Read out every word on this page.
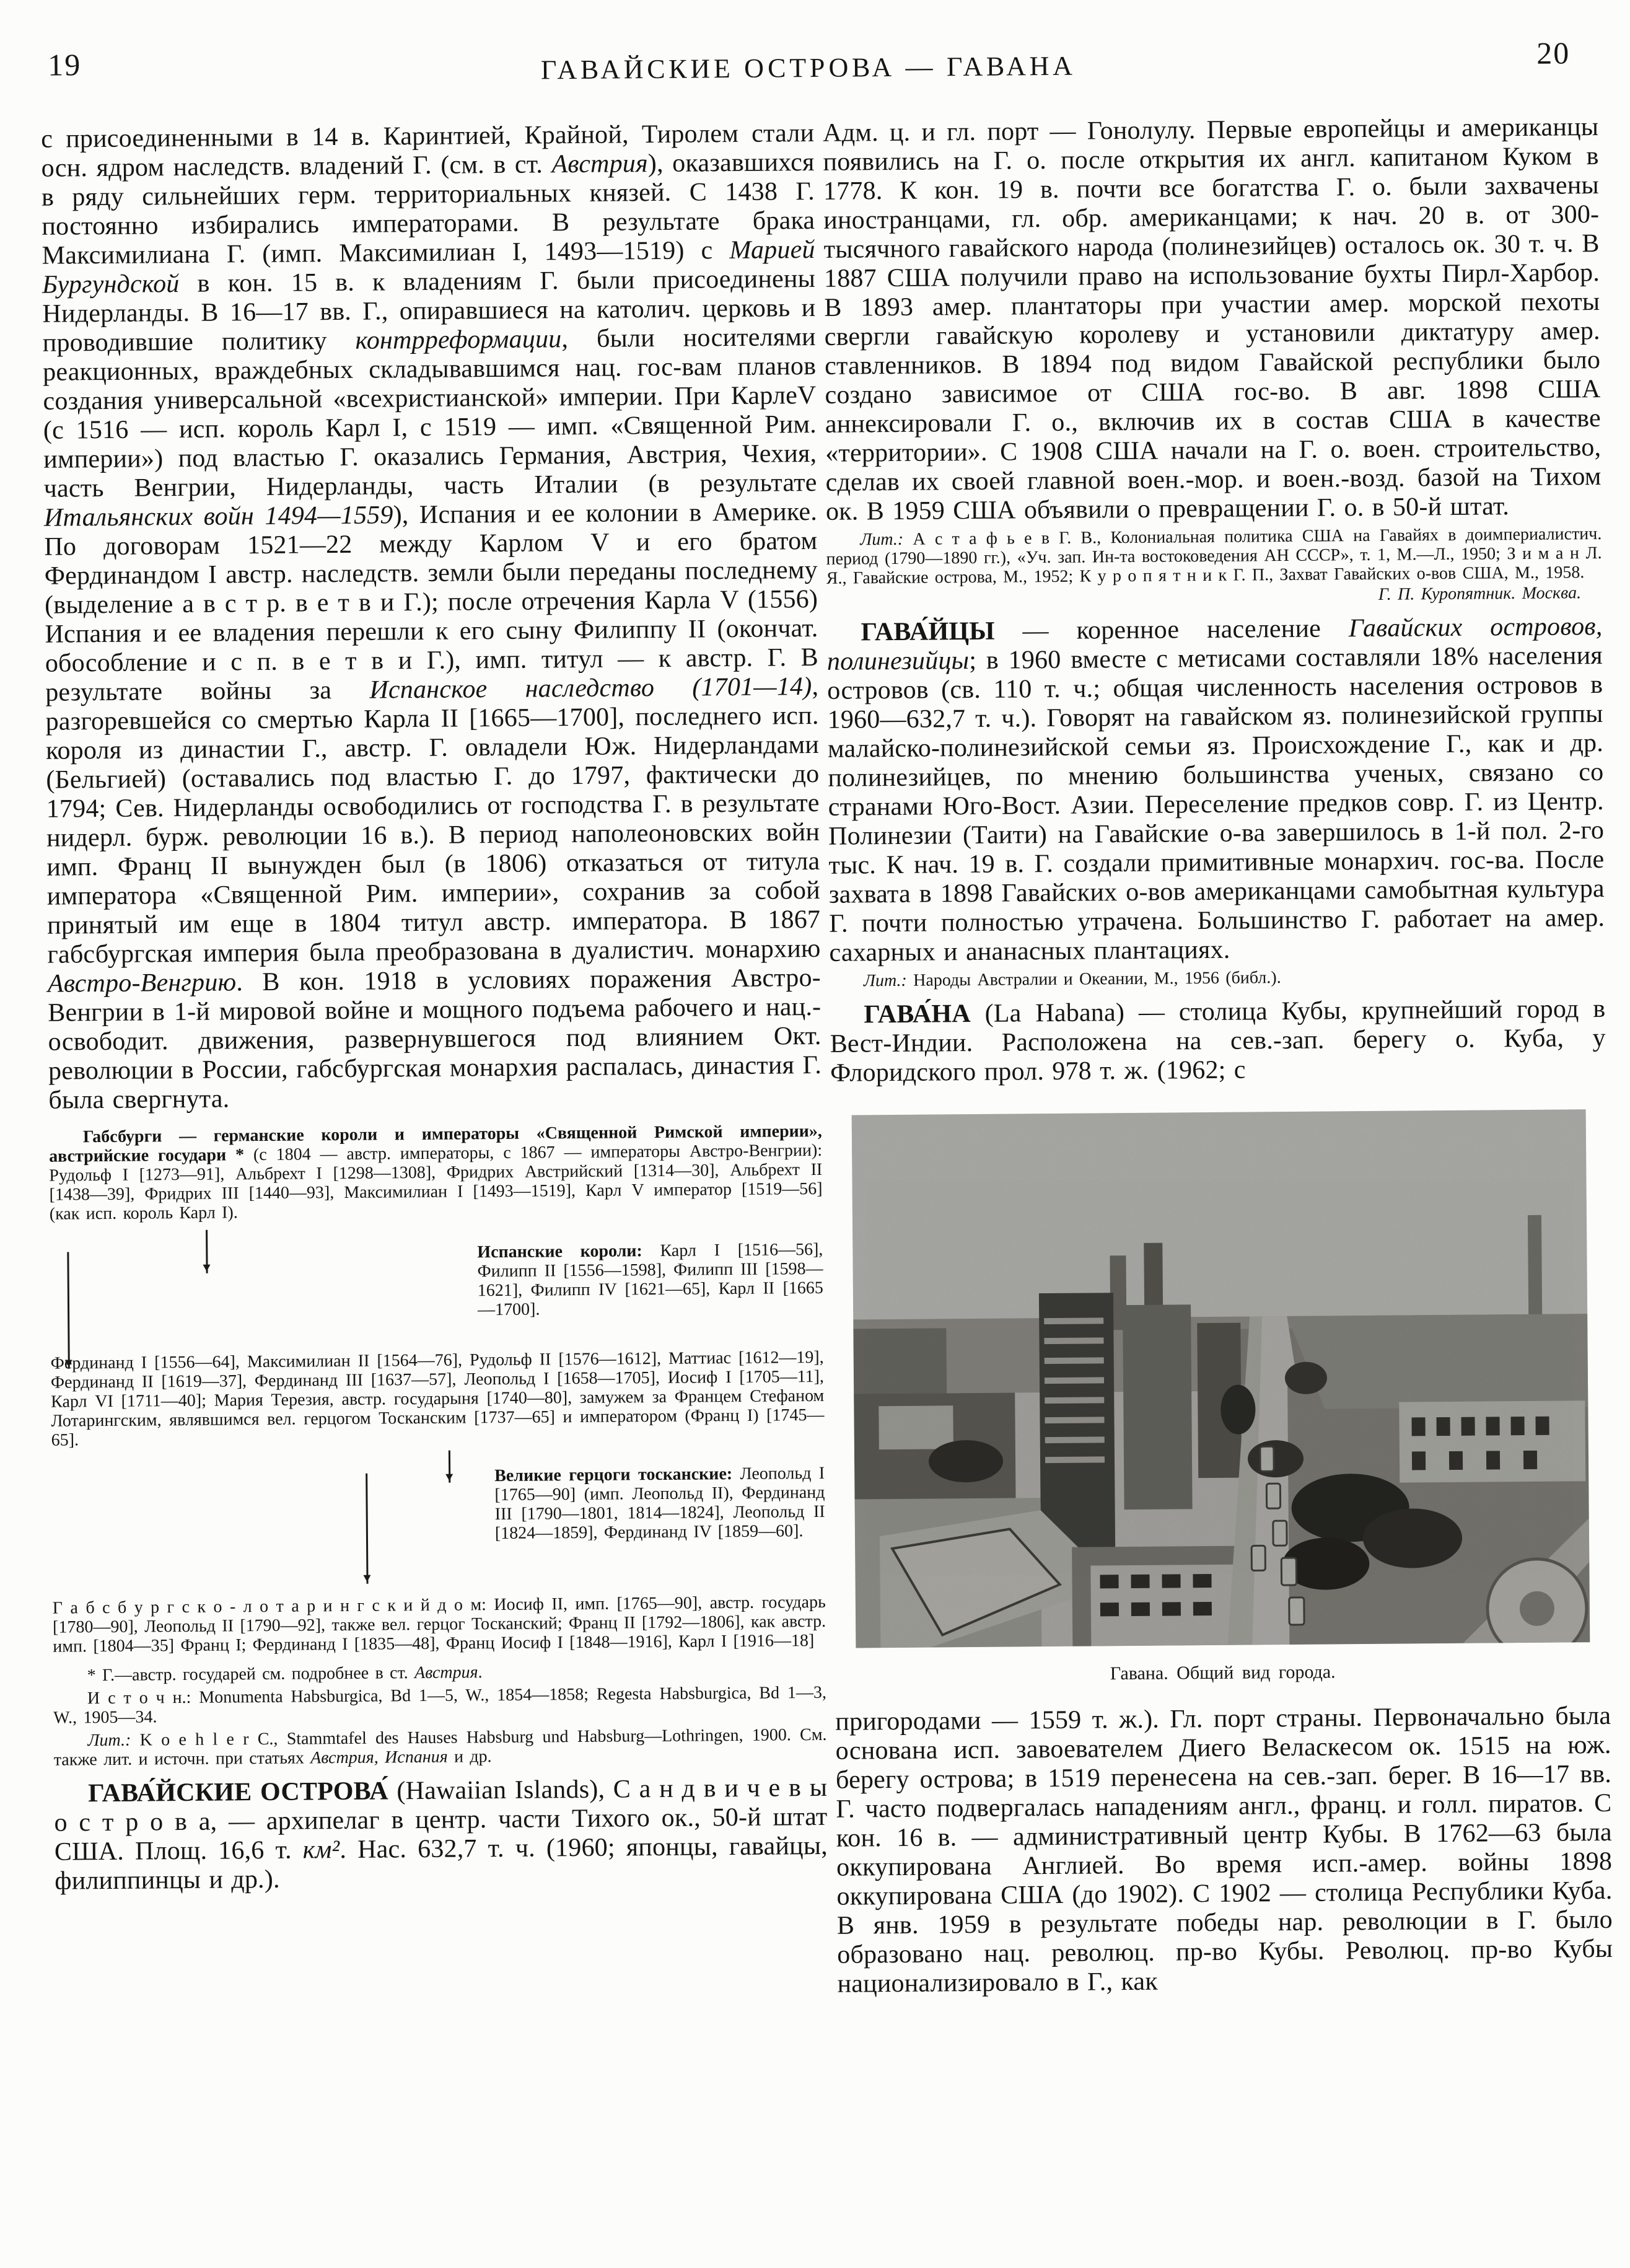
19	ГАВАЙСКИЕ ОСТРОВА — ГАВАНА	20

с присоединенными в 14 в. Каринтией, Крайной, Тиролем стали осн. ядром наследств. владений Г. (см. в ст. Австрия), оказавшихся в ряду сильнейших герм. территориальных князей. С 1438 Г. постоянно избирались императорами. В результате брака Максимилиана Г. (имп. Максимилиан I, 1493—1519) с Марией Бургундской в кон. 15 в. к владениям Г. были присоединены Нидерланды. В 16—17 вв. Г., опиравшиеся на католич. церковь и проводившие политику контрреформации, были носителями реакционных, враждебных складывавшимся нац. гос-вам планов создания универсальной «всехристианской» империи. При КарлеV (с 1516 — исп. король Карл I, с 1519 — имп. «Священной Рим. империи») под властью Г. оказались Германия, Австрия, Чехия, часть Венгрии, Нидерланды, часть Италии (в результате Итальянских войн 1494—1559), Испания и ее колонии в Америке. По договорам 1521—22 между Карлом V и его братом Фердинандом I австр. наследств. земли были переданы последнему (выделение а в с т р. в е т в и Г.); после отречения Карла V (1556) Испания и ее владения перешли к его сыну Филиппу II (окончат. обособление и с п. в е т в и Г.), имп. титул — к австр. Г. В результате войны за Испанское наследство (1701—14), разгоревшейся со смертью Карла II [1665—1700], последнего исп. короля из династии Г., австр. Г. овладели Юж. Нидерландами (Бельгией) (оставались под властью Г. до 1797, фактически до 1794; Сев. Нидерланды освободились от господства Г. в результате нидерл. бурж. революции 16 в.). В период наполеоновских войн имп. Франц II вынужден был (в 1806) отказаться от титула императора «Священной Рим. империи», сохранив за собой принятый им еще в 1804 титул австр. императора. В 1867 габсбургская империя была преобразована в дуалистич. монархию Австро-Венгрию. В кон. 1918 в условиях поражения Австро-Венгрии в 1-й мировой войне и мощного подъема рабочего и нац.-освободит. движения, развернувшегося под влиянием Окт. революции в России, габсбургская монархия распалась, династия Г. была свергнута.

Габсбурги — германские короли и императоры «Священной Римской империи», австрийские государи * (с 1804 — австр. императоры, с 1867 — императоры Австро-Венгрии): Рудольф I [1273—91], Альбрехт I [1298—1308], Фридрих Австрийский [1314—30], Альбрехт II [1438—39], Фридрих III [1440—93], Максимилиан I [1493—1519], Карл V император [1519—56] (как исп. король Карл I).

Испанские короли: Карл I [1516—56], Филипп II [1556—1598], Филипп III [1598—1621], Филипп IV [1621—65], Карл II [1665—1700].

Фердинанд I [1556—64], Максимилиан II [1564—76], Рудольф II [1576—1612], Маттиас [1612—19], Фердинанд II [1619—37], Фердинанд III [1637—57], Леопольд I [1658—1705], Иосиф I [1705—11], Карл VI [1711—40]; Мария Терезия, австр. государыня [1740—80], замужем за Францем Стефаном Лотарингским, являвшимся вел. герцогом Тосканским [1737—65] и императором (Франц I) [1745—65].

Великие герцоги тосканские: Леопольд I [1765—90] (имп. Леопольд II), Фердинанд III [1790—1801, 1814—1824], Леопольд II [1824—1859], Фердинанд IV [1859—60].

Г а б с б у р г с к о - л о т а р и н г с к и й д о м: Иосиф II, имп. [1765—90], австр. государь [1780—90], Леопольд II [1790—92], также вел. герцог Тосканский; Франц II [1792—1806], как австр. имп. [1804—35] Франц I; Фердинанд I [1835—48], Франц Иосиф I [1848—1916], Карл I [1916—18]

* Г.—австр. государей см. подробнее в ст. Австрия.

И с т о ч н.: Monumenta Habsburgica, Bd 1—5, W., 1854—1858; Regesta Habsburgica, Bd 1—3, W., 1905—34.

Лит.: K o e h l e r C., Stammtafel des Hauses Habsburg und Habsburg—Lothringen, 1900. См. также лит. и источн. при статьях Австрия, Испания и др.

ГАВА́ЙСКИЕ ОСТРОВА́ (Hawaiian Islands), С а н д в и ч е в ы о с т р о в а, — архипелаг в центр. части Тихого ок., 50-й штат США. Площ. 16,6 т. км². Нас. 632,7 т. ч. (1960; японцы, гавайцы, филиппинцы и др.).

Адм. ц. и гл. порт — Гонолулу. Первые европейцы и американцы появились на Г. о. после открытия их англ. капитаном Куком в 1778. К кон. 19 в. почти все богатства Г. о. были захвачены иностранцами, гл. обр. американцами; к нач. 20 в. от 300-тысячного гавайского народа (полинезийцев) осталось ок. 30 т. ч. В 1887 США получили право на использование бухты Пирл-Харбор. В 1893 амер. плантаторы при участии амер. морской пехоты свергли гавайскую королеву и установили диктатуру амер. ставленников. В 1894 под видом Гавайской республики было создано зависимое от США гос-во. В авг. 1898 США аннексировали Г. о., включив их в состав США в качестве «территории». С 1908 США начали на Г. о. воен. строительство, сделав их своей главной воен.-мор. и воен.-возд. базой на Тихом ок. В 1959 США объявили о превращении Г. о. в 50-й штат.

Лит.: А с т а ф ь е в Г. В., Колониальная политика США на Гавайях в доимпериалистич. период (1790—1890 гг.), «Уч. зап. Ин-та востоковедения АН СССР», т. 1, М.—Л., 1950; З и м а н Л. Я., Гавайские острова, М., 1952; К у р о п я т н и к Г. П., Захват Гавайских о-вов США, М., 1958.

Г. П. Куропятник. Москва.

ГАВА́ЙЦЫ — коренное население Гавайских островов, полинезийцы; в 1960 вместе с метисами составляли 18% населения островов (св. 110 т. ч.; общая численность населения островов в 1960—632,7 т. ч.). Говорят на гавайском яз. полинезийской группы малайско-полинезийской семьи яз. Происхождение Г., как и др. полинезийцев, по мнению большинства ученых, связано со странами Юго-Вост. Азии. Переселение предков совр. Г. из Центр. Полинезии (Таити) на Гавайские о-ва завершилось в 1-й пол. 2-го тыс. К нач. 19 в. Г. создали примитивные монархич. гос-ва. После захвата в 1898 Гавайских о-вов американцами самобытная культура Г. почти полностью утрачена. Большинство Г. работает на амер. сахарных и ананасных плантациях.

Лит.: Народы Австралии и Океании, М., 1956 (библ.).

ГАВА́НА (La Habana) — столица Кубы, крупнейший город в Вест-Индии. Расположена на сев.-зап. берегу о. Куба, у Флоридского прол. 978 т. ж. (1962; с

Гавана. Общий вид города.

пригородами — 1559 т. ж.). Гл. порт страны. Первоначально была основана исп. завоевателем Диего Веласкесом ок. 1515 на юж. берегу острова; в 1519 перенесена на сев.-зап. берег. В 16—17 вв. Г. часто подвергалась нападениям англ., франц. и голл. пиратов. С кон. 16 в. — административный центр Кубы. В 1762—63 была оккупирована Англией. Во время исп.-амер. войны 1898 оккупирована США (до 1902). С 1902 — столица Республики Куба. В янв. 1959 в результате победы нар. революции в Г. было образовано нац. революц. пр-во Кубы. Революц. пр-во Кубы национализировало в Г., как
